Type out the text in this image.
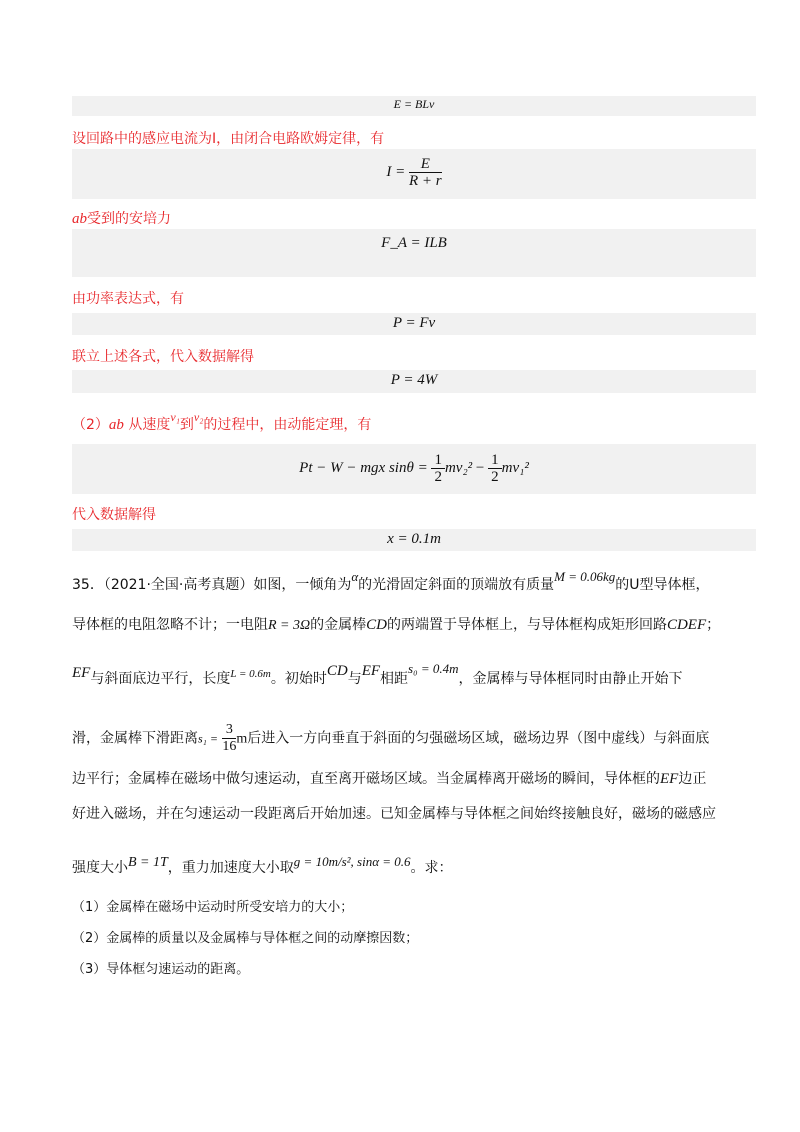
E = BLv
设回路中的感应电流为I，由闭合电路欧姆定律，有
$I = \frac{E}{R + r}$
ab受到的安培力
F_A = ILB
由功率表达式，有
P = Fv
联立上述各式，代入数据解得
P = 4W
（2）ab 从速度v₁到v₂的过程中，由动能定理，有
Pt − W − mgx $\sin\theta = \frac{1}{2} mv_2^2 - \frac{1}{2} mv_1^2$
代入数据解得
x = 0.1m
35．（2021·全国·高考真题）如图，一倾角为α的光滑固定斜面的顶端放有质量M = 0.06kg的U型导体框，
导体框的电阻忽略不计；一电阻R = 3Ω的金属棒CD的两端置于导体框上，与导体框构成矩形回路CDEF；
EF与斜面底边平行，长度$^{L = 0.6m}$。初始时CD与EF相距s₀ = 0.4m，金属棒与导体框同时由静止开始下
滑，金属棒下滑距离$s_1 = \frac{3}{16}$ m后进入一方向垂直于斜面的匀强磁场区域，磁场边界（图中虚线）与斜面底
边平行；金属棒在磁场中做匀速运动，直至离开磁场区域。当金属棒离开磁场的瞬间，导体框的EF边正
好进入磁场，并在匀速运动一段距离后开始加速。已知金属棒与导体框之间始终接触良好，磁场的磁感应
强度大小B = 1T，重力加速度大小取g = 10m/s², sinα = 0.6。求：
（1）金属棒在磁场中运动时所受安培力的大小；
（2）金属棒的质量以及金属棒与导体框之间的动摩擦因数；
（3）导体框匀速运动的距离。
